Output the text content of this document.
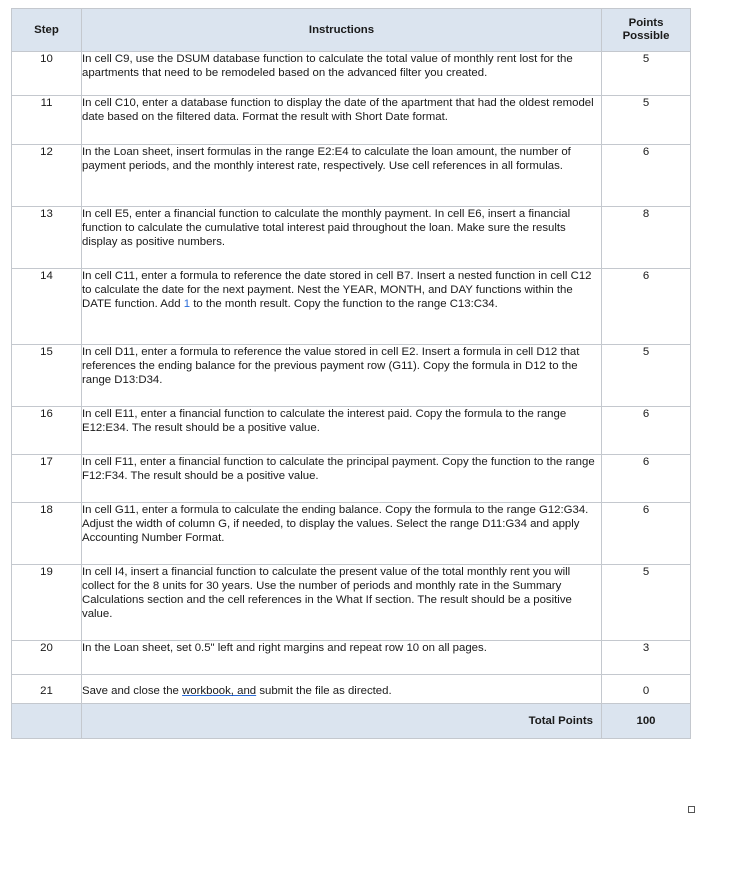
Step	Instructions	Points
Possible
10	In cell C9, use the DSUM database function to calculate the total value of monthly rent lost for the apartments that need to be remodeled based on the advanced filter you created.	5
11	In cell C10, enter a database function to display the date of the apartment that had the oldest remodel date based on the filtered data. Format the result with Short Date format.	5
12	In the Loan sheet, insert formulas in the range E2:E4 to calculate the loan amount, the number of payment periods, and the monthly interest rate, respectively. Use cell references in all formulas.	6
13	In cell E5, enter a financial function to calculate the monthly payment. In cell E6, insert a financial function to calculate the cumulative total interest paid throughout the loan. Make sure the results display as positive numbers.	8
14	In cell C11, enter a formula to reference the date stored in cell B7. Insert a nested function in cell C12 to calculate the date for the next payment. Nest the YEAR, MONTH, and DAY functions within the DATE function. Add 1 to the month result. Copy the function to the range C13:C34.	6
15	In cell D11, enter a formula to reference the value stored in cell E2. Insert a formula in cell D12 that references the ending balance for the previous payment row (G11). Copy the formula in D12 to the range D13:D34.	5
16	In cell E11, enter a financial function to calculate the interest paid. Copy the formula to the range E12:E34. The result should be a positive value.	6
17	In cell F11, enter a financial function to calculate the principal payment. Copy the function to the range F12:F34. The result should be a positive value.	6
18	In cell G11, enter a formula to calculate the ending balance. Copy the formula to the range G12:G34. Adjust the width of column G, if needed, to display the values. Select the range D11:G34 and apply Accounting Number Format.	6
19	In cell I4, insert a financial function to calculate the present value of the total monthly rent you will collect for the 8 units for 30 years. Use the number of periods and monthly rate in the Summary Calculations section and the cell references in the What If section. The result should be a positive value.	5
20	In the Loan sheet, set 0.5" left and right margins and repeat row 10 on all pages.	3
21	Save and close the workbook, and submit the file as directed.	0
	Total Points	100
